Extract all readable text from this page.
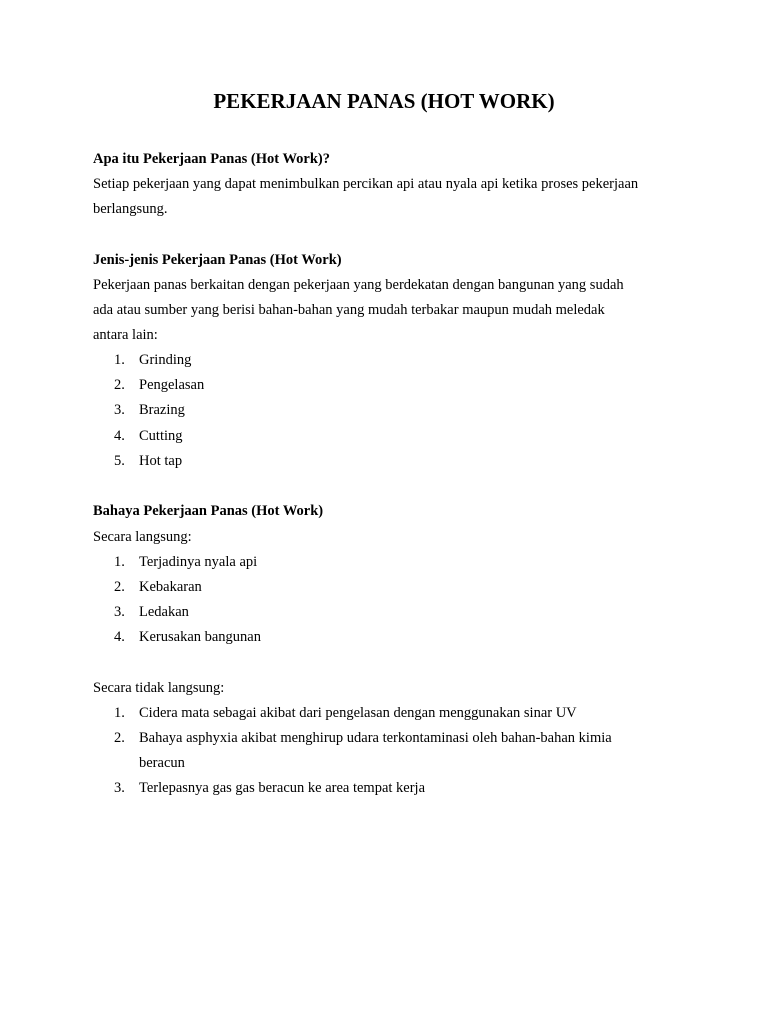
PEKERJAAN PANAS (HOT WORK)
Apa itu Pekerjaan Panas (Hot Work)?
Setiap pekerjaan yang dapat menimbulkan percikan api atau nyala api ketika proses pekerjaan
berlangsung.
Jenis-jenis Pekerjaan Panas (Hot Work)
Pekerjaan panas berkaitan dengan pekerjaan yang berdekatan dengan bangunan yang sudah
ada atau sumber yang berisi bahan-bahan yang mudah terbakar maupun mudah meledak
antara lain:
1. Grinding
2. Pengelasan
3. Brazing
4. Cutting
5. Hot tap
Bahaya Pekerjaan Panas (Hot Work)
Secara langsung:
1. Terjadinya nyala api
2. Kebakaran
3. Ledakan
4. Kerusakan bangunan
Secara tidak langsung:
1. Cidera mata sebagai akibat dari pengelasan dengan menggunakan sinar UV
2. Bahaya asphyxia akibat menghirup udara terkontaminasi oleh bahan-bahan kimia
beracun
3. Terlepasnya gas gas beracun ke area tempat kerja
